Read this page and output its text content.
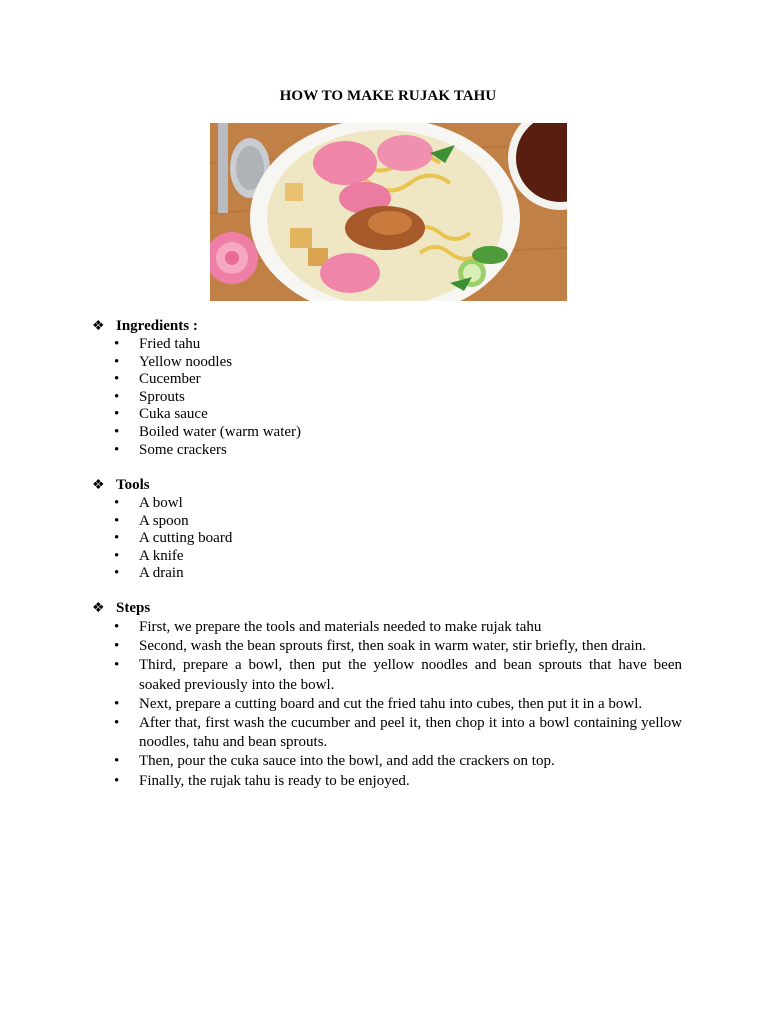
HOW TO MAKE RUJAK TAHU
❖ Ingredients :
• Fried tahu
• Yellow noodles
• Cucember
• Sprouts
• Cuka sauce
• Boiled water (warm water)
• Some crackers
❖ Tools
• A bowl
• A spoon
• A cutting board
• A knife
• A drain
❖ Steps
• First, we prepare the tools and materials needed to make rujak tahu
• Second, wash the bean sprouts first, then soak in warm water, stir briefly, then drain.
• Third, prepare a bowl, then put the yellow noodles and bean sprouts that have been soaked previously into the bowl.
• Next, prepare a cutting board and cut the fried tahu into cubes, then put it in a bowl.
• After that, first wash the cucumber and peel it, then chop it into a bowl containing yellow noodles, tahu and bean sprouts.
• Then, pour the cuka sauce into the bowl, and add the crackers on top.
• Finally, the rujak tahu is ready to be enjoyed.
